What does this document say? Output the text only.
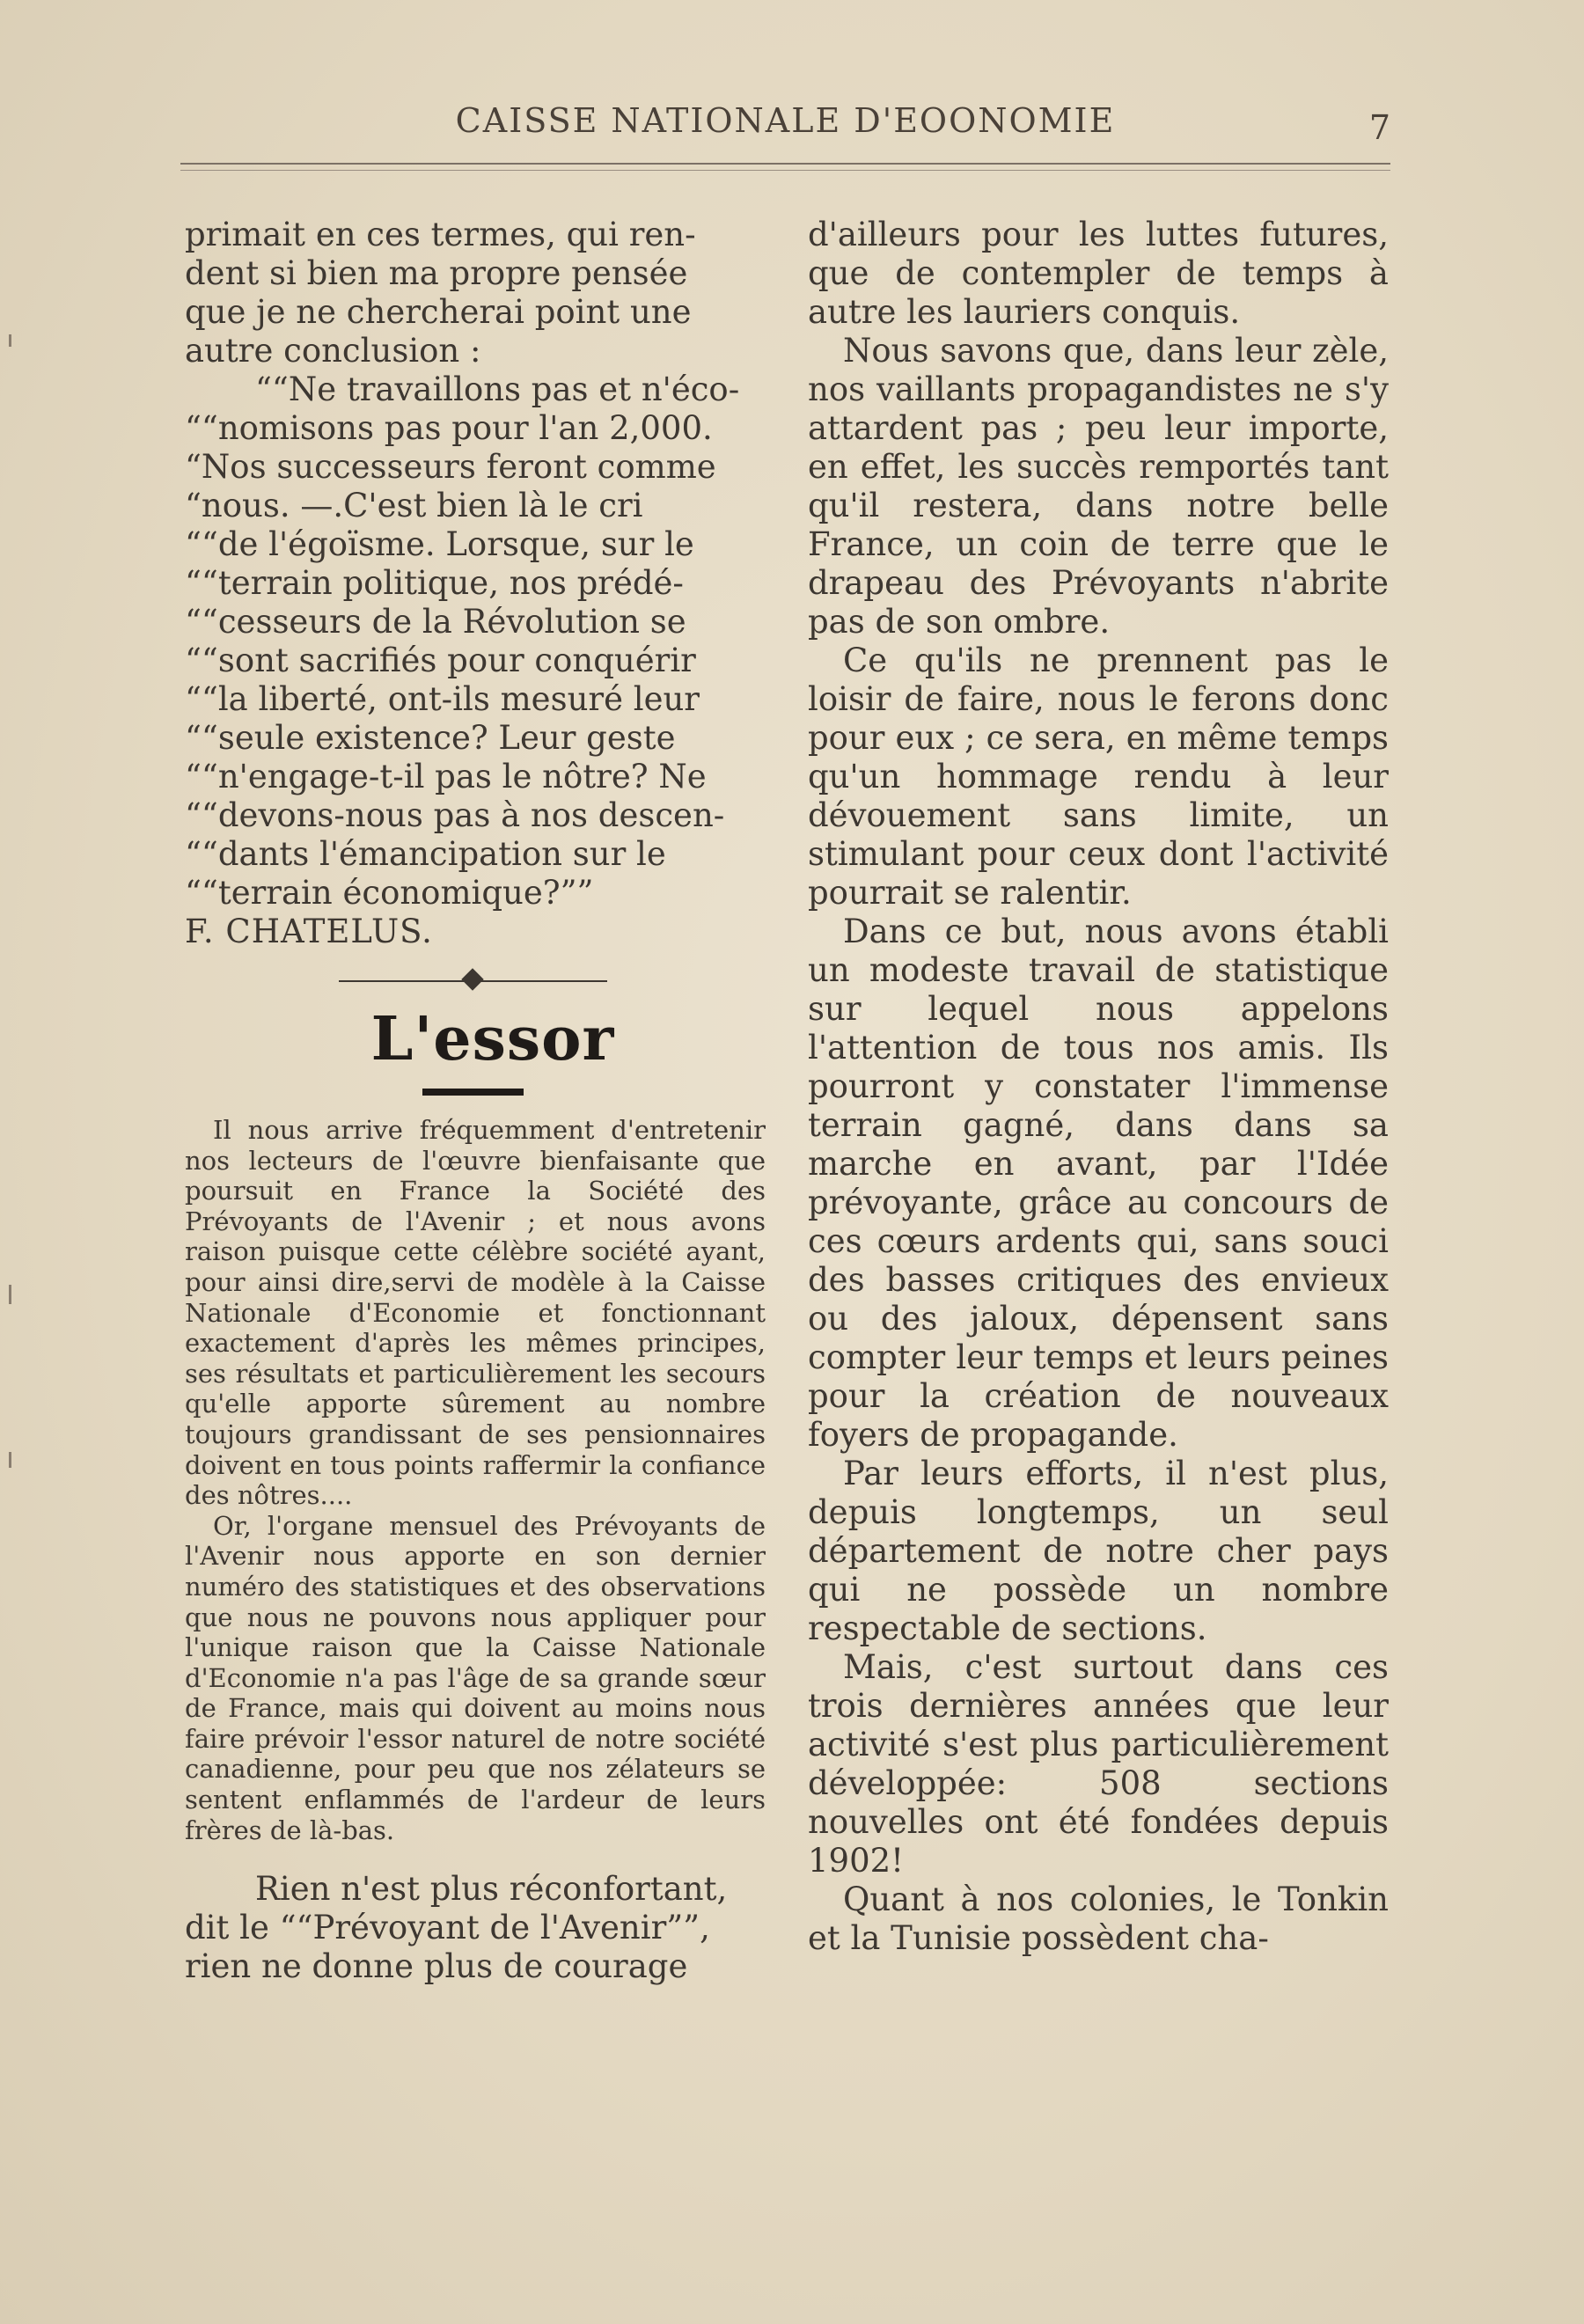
CAISSE NATIONALE D'EOONOMIE	7

primait en ces termes, qui ren-

dent si bien ma propre pensée

que je ne chercherai point une

autre conclusion :

““Ne travaillons pas et n'éco-

““nomisons pas pour l'an 2,000.

“Nos successeurs feront comme

“nous. —.C'est bien là le cri

““de l'égoïsme. Lorsque, sur le

““terrain politique, nos prédé-

““cesseurs de la Révolution se

““sont sacrifiés pour conquérir

““la liberté, ont-ils mesuré leur

““seule existence? Leur geste

““n'engage-t-il pas le nôtre? Ne

““devons-nous pas à nos descen-

““dants l'émancipation sur le

““terrain économique?””

F. CHATELUS.

L'essor

Il nous arrive fréquemment d'entretenir nos lecteurs de l'œuvre bienfaisante que poursuit en France la Société des Prévoyants de l'Avenir ; et nous avons raison puisque cette célèbre société ayant, pour ainsi dire,servi de modèle à la Caisse Nationale d'Economie et fonctionnant exactement d'après les mêmes principes, ses résultats et particulièrement les secours qu'elle apporte sûrement au nombre toujours grandissant de ses pensionnaires doivent en tous points raffermir la confiance des nôtres....

Or, l'organe mensuel des Prévoyants de l'Avenir nous apporte en son dernier numéro des statistiques et des observations que nous ne pouvons nous appliquer pour l'unique raison que la Caisse Nationale d'Economie n'a pas l'âge de sa grande sœur de France, mais qui doivent au moins nous faire prévoir l'essor naturel de notre société canadienne, pour peu que nos zélateurs se sentent enflammés de l'ardeur de leurs frères de là-bas.

Rien n'est plus réconfortant,

dit le ““Prévoyant de l'Avenir””,

rien ne donne plus de courage

d'ailleurs pour les luttes futures, que de contempler de temps à autre les lauriers conquis.

Nous savons que, dans leur zèle, nos vaillants propagandistes ne s'y attardent pas ; peu leur importe, en effet, les succès remportés tant qu'il restera, dans notre belle France, un coin de terre que le drapeau des Prévoyants n'abrite pas de son ombre.

Ce qu'ils ne prennent pas le loisir de faire, nous le ferons donc pour eux ; ce sera, en même temps qu'un hommage rendu à leur dévouement sans limite, un stimulant pour ceux dont l'activité pourrait se ralentir.

Dans ce but, nous avons établi un modeste travail de statistique sur lequel nous appelons l'attention de tous nos amis. Ils pourront y constater l'immense terrain gagné, dans dans sa marche en avant, par l'Idée prévoyante, grâce au concours de ces cœurs ardents qui, sans souci des basses critiques des envieux ou des jaloux, dépensent sans compter leur temps et leurs peines pour la création de nouveaux foyers de propagande.

Par leurs efforts, il n'est plus, depuis longtemps, un seul département de notre cher pays qui ne possède un nombre respectable de sections.

Mais, c'est surtout dans ces trois dernières années que leur activité s'est plus particulièrement développée: 508 sections nouvelles ont été fondées depuis 1902!

Quant à nos colonies, le Tonkin et la Tunisie possèdent cha-
